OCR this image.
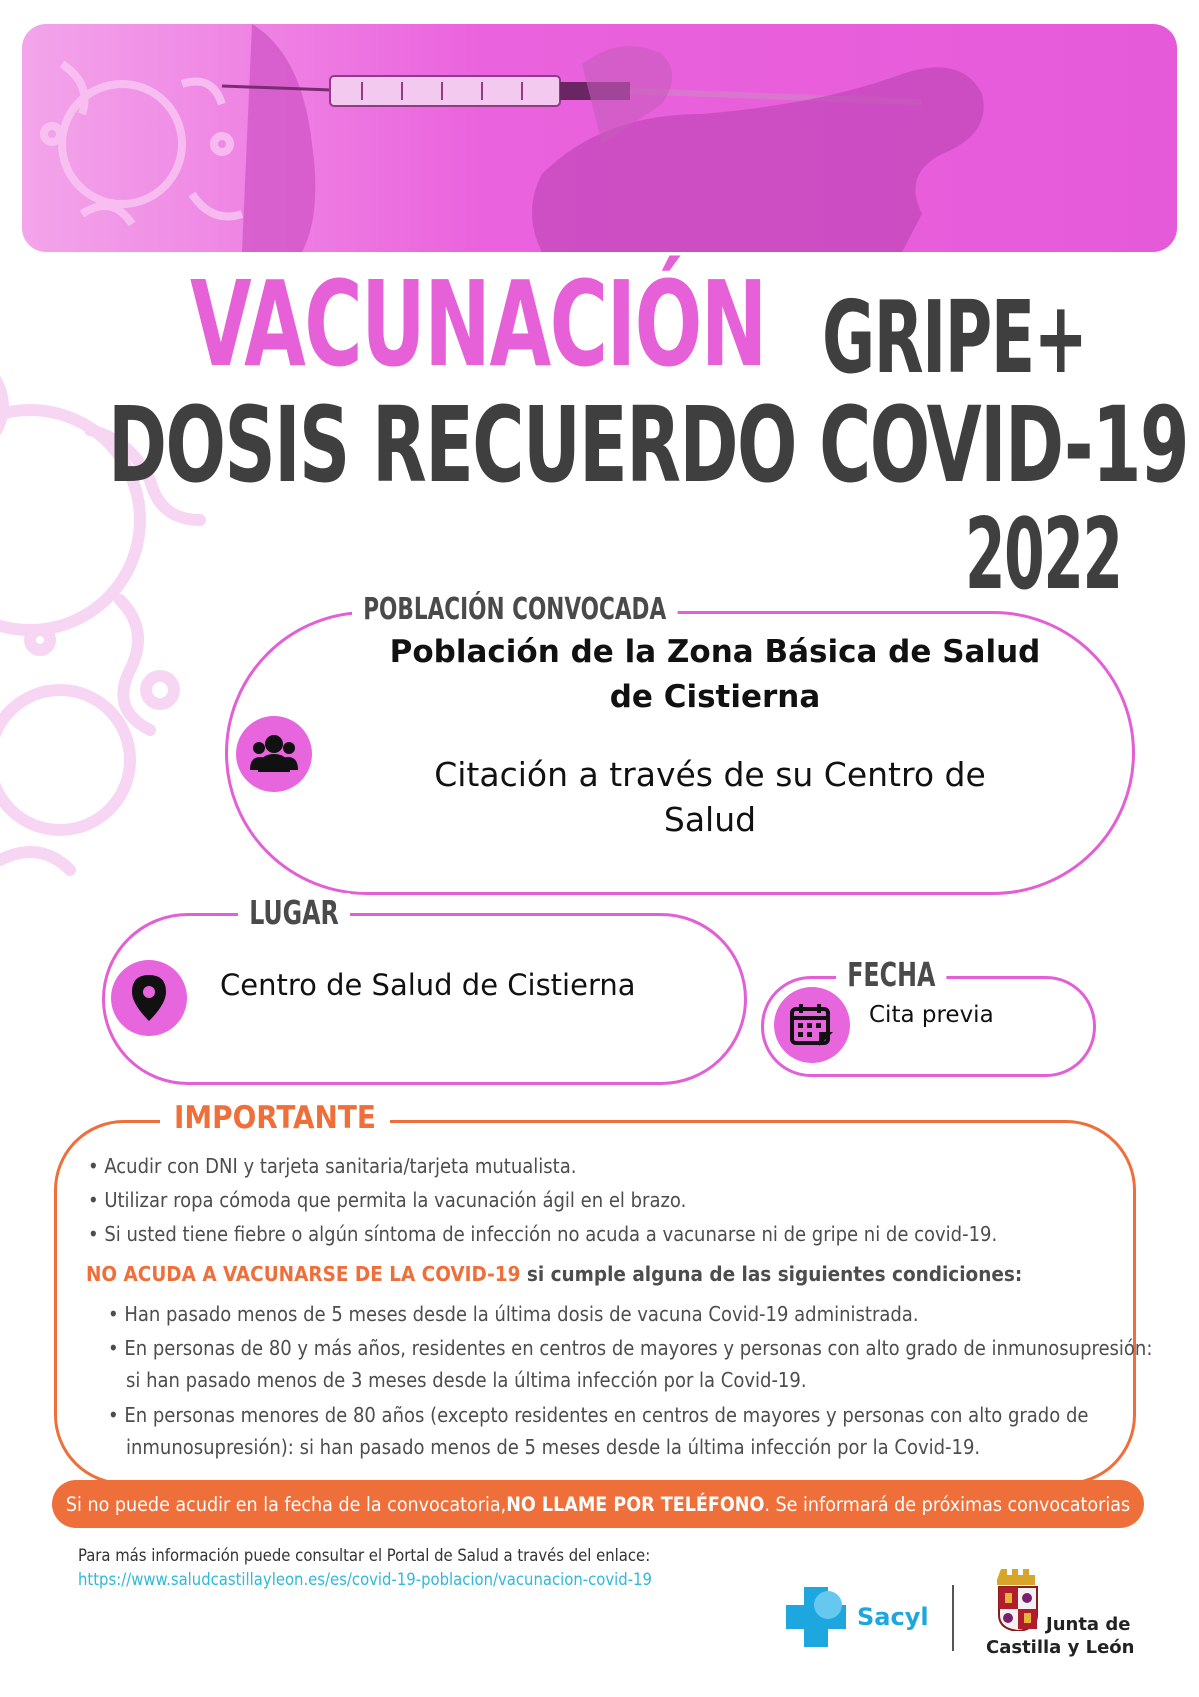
VACUNACIÓN GRIPE+
DOSIS RECUERDO COVID-19
2022
POBLACIÓN CONVOCADA
Población de la Zona Básica de Salud de Cistierna
Citación a través de su Centro de Salud
LUGAR
Centro de Salud de Cistierna	FECHA
Cita previa
IMPORTANTE
• Acudir con DNI y tarjeta sanitaria/tarjeta mutualista.
• Utilizar ropa cómoda que permita la vacunación ágil en el brazo.
• Si usted tiene fiebre o algún síntoma de infección no acuda a vacunarse ni de gripe ni de covid-19.
NO ACUDA A VACUNARSE DE LA COVID-19 si cumple alguna de las siguientes condiciones:
• Han pasado menos de 5 meses desde la última dosis de vacuna Covid-19 administrada.
• En personas de 80 y más años, residentes en centros de mayores y personas con alto grado de inmunosupresión:
si han pasado menos de 3 meses desde la última infección por la Covid-19.
• En personas menores de 80 años (excepto residentes en centros de mayores y personas con alto grado de
inmunosupresión): si han pasado menos de 5 meses desde la última infección por la Covid-19.
Si no puede acudir en la fecha de la convocatoria, NO LLAME POR TELÉFONO . Se informará de próximas convocatorias
Para más información puede consultar el Portal de Salud a través del enlace:
https://www.saludcastillayleon.es/es/covid-19-poblacion/vacunacion-covid-19
Sacyl	Junta de
Castilla y León
